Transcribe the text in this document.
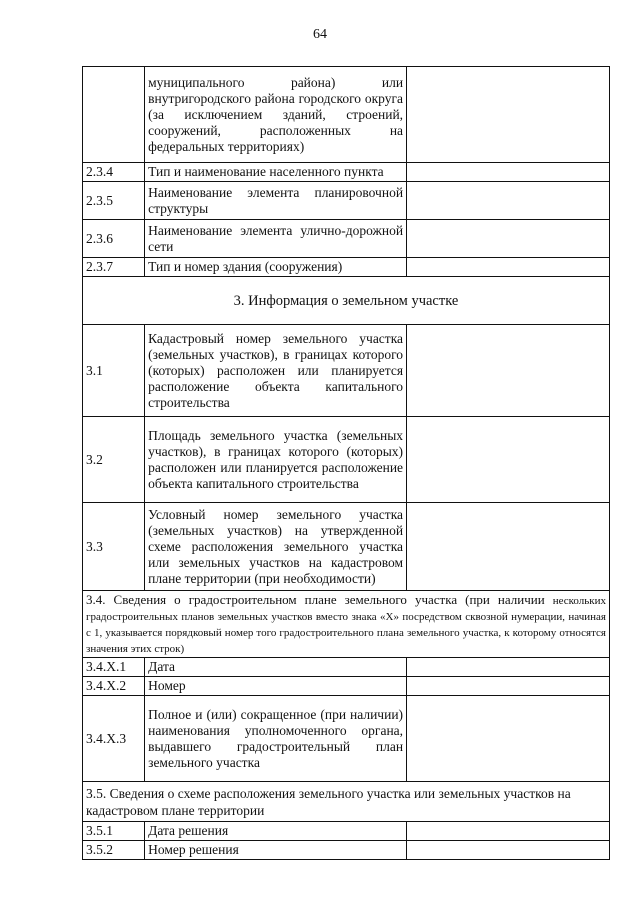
64
	муниципального района) или внутригородского района городского округа (за исключением зданий, строений, сооружений, расположенных на федеральных территориях)	
2.3.4	Тип и наименование населенного пункта	
2.3.5	Наименование элемента планировочной структуры	
2.3.6	Наименование элемента улично-дорожной сети	
2.3.7	Тип и номер здания (сооружения)	
3. Информация о земельном участке		
3.1	Кадастровый номер земельного участка (земельных участков), в границах которого (которых) расположен или планируется расположение объекта капитального строительства	
3.2	Площадь земельного участка (земельных участков), в границах которого (которых) расположен или планируется расположение объекта капитального строительства	
3.3	Условный номер земельного участка (земельных участков) на утвержденной схеме расположения земельного участка или земельных участков на кадастровом плане территории (при необходимости)	
3.4. Сведения о градостроительном плане земельного участка (при наличии нескольких градостроительных планов земельных участков вместо знака «X» посредством сквозной нумерации, начиная с 1, указывается порядковый номер того градостроительного плана земельного участка, к которому относятся значения этих строк)		
3.4.X.1	Дата	
3.4.X.2	Номер	
3.4.X.3	Полное и (или) сокращенное (при наличии) наименования уполномоченного органа, выдавшего градостроительный план земельного участка	
3.5. Сведения о схеме расположения земельного участка или земельных участков на кадастровом плане территории		
3.5.1	Дата решения	
3.5.2	Номер решения	
